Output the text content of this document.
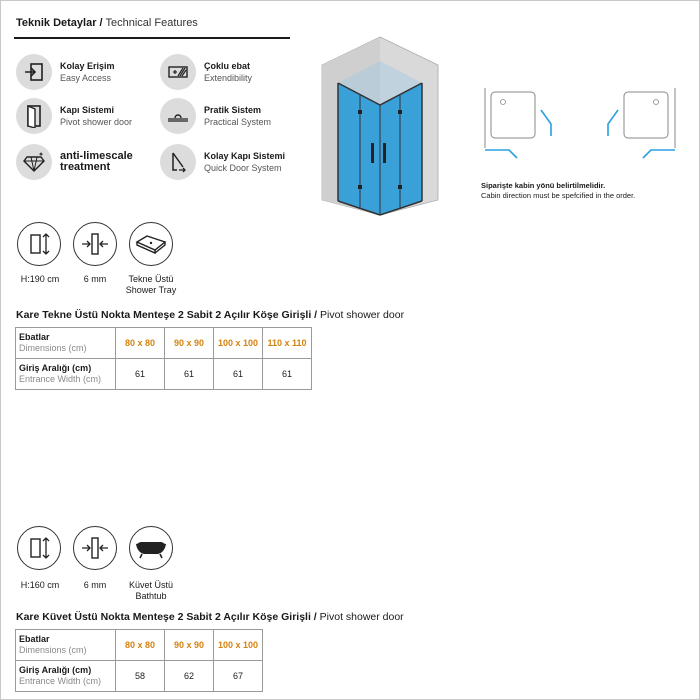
Teknik Detaylar / Technical Features
Kolay Erişim
Easy Access
Çoklu ebat
Extendibility
Kapı Sistemi
Pivot shower door
Pratik Sistem
Practical System
anti-limescale treatment
Kolay Kapı Sistemi
Quick Door System
Siparişte kabin yönü belirtilmelidir.
Cabin direction must be spefcified in the order.
H:190 cm	6 mm	Tekne Üstü
Shower Tray
Kare Tekne Üstü Nokta Menteşe 2 Sabit 2 Açılır Köşe Girişli / Pivot shower door
Ebatlar
Dimensions (cm)	80 x 80	90 x 90	100 x 100	110 x 110

Giriş Aralığı (cm)
Entrance Width (cm)	61	61	61	61
H:160 cm	6 mm	Küvet Üstü
Bathtub
Kare Küvet Üstü Nokta Menteşe 2 Sabit 2 Açılır Köşe Girişli / Pivot shower door
Ebatlar
Dimensions (cm)	80 x 80	90 x 90	100 x 100

Giriş Aralığı (cm)
Entrance Width (cm)	58	62	67
